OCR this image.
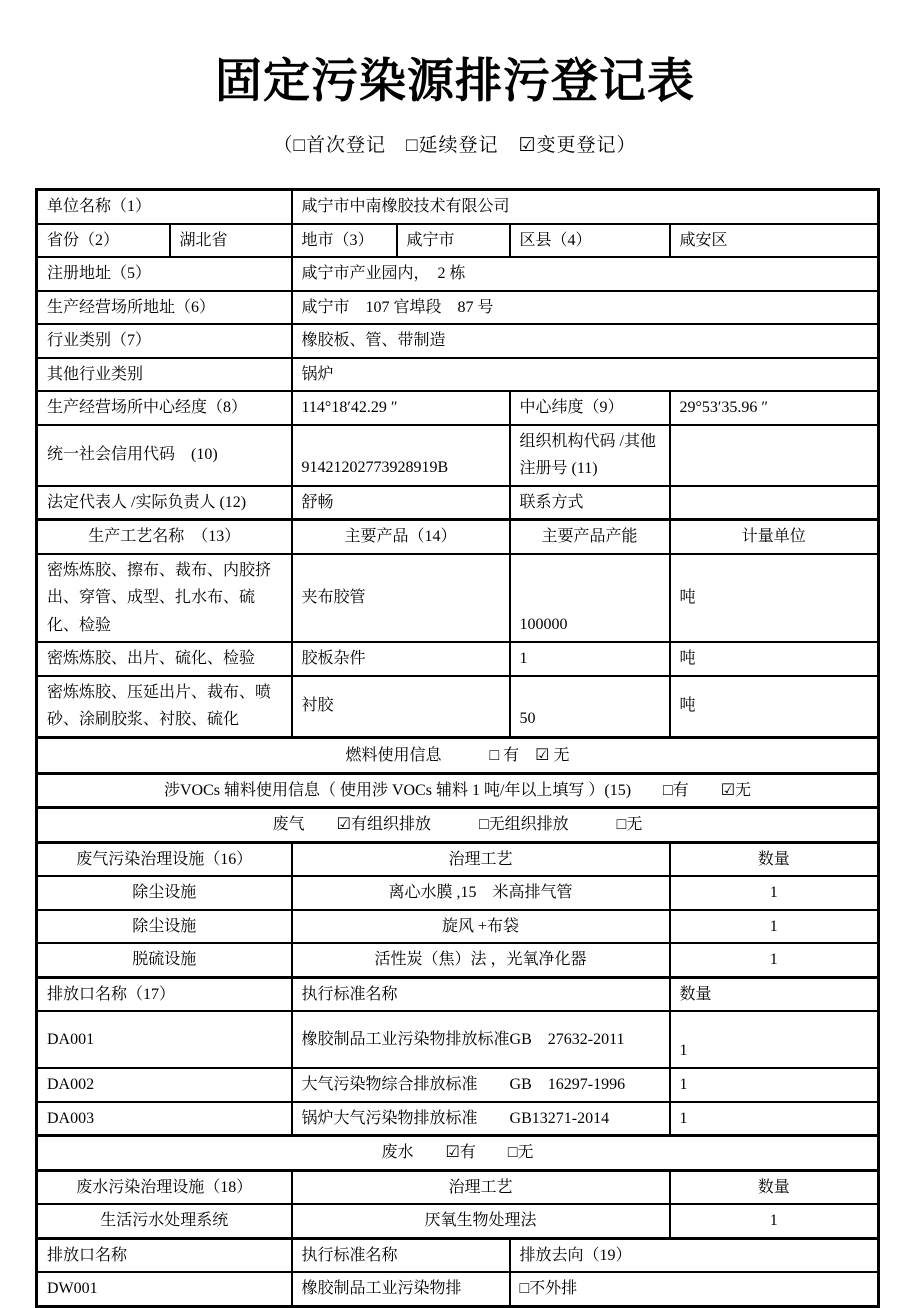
固定污染源排污登记表
（□首次登记　□延续登记　☑变更登记）
单位名称（1）		咸宁市中南橡胶技术有限公司			
省份（2）	湖北省	地市（3）	咸宁市	区县（4）	咸安区
注册地址（5）		咸宁市产业园内，　2 栋			
生产经营场所地址（6）		咸宁市　107 官埠段　87 号			
行业类别（7）		橡胶板、管、带制造			
其他行业类别		锅炉			
生产经营场所中心经度（8）		114°18′42.29 ″		中心纬度（9）	29°53′35.96 ″
统一社会信用代码　(10)		91421202773928919B		组织机构代码 /其他注册号 (11)	
法定代表人 /实际负责人 (12)		舒畅		联系方式	
生产工艺名称　（13）		主要产品（14）		主要产品产能	计量单位
密炼炼胶、擦布、裁布、内胶挤出、穿管、成型、扎水布、硫化、检验		夹布胶管		100000	吨
密炼炼胶、出片、硫化、检验		胶板杂件		1	吨
密炼炼胶、压延出片、裁布、喷砂、涂刷胶浆、衬胶、硫化		衬胶		50	吨
燃料使用信息　　　□ 有　☑ 无					
涉VOCs 辅料使用信息（ 使用涉 VOCs 辅料 1 吨/年以上填写 ）(15)　　□有　　☑无					
废气　　☑有组织排放　　　□无组织排放　　　□无					
废气污染治理设施（16）		治理工艺			数量
除尘设施		离心水膜 ,15　米高排气管			1
除尘设施		旋风 +布袋			1
脱硫设施		活性炭（焦）法 ，光氧净化器			1
排放口名称（17）		执行标准名称			数量
DA001		橡胶制品工业污染物排放标准GB　27632-2011			1
DA002		大气污染物综合排放标准　　GB　16297-1996			1
DA003		锅炉大气污染物排放标准　　GB13271-2014			1
废水　　☑有　　□无					
废水污染治理设施（18）		治理工艺			数量
生活污水处理系统		厌氧生物处理法			1
排放口名称		执行标准名称		排放去向（19）	
DW001		橡胶制品工业污染物排		□不外排	
